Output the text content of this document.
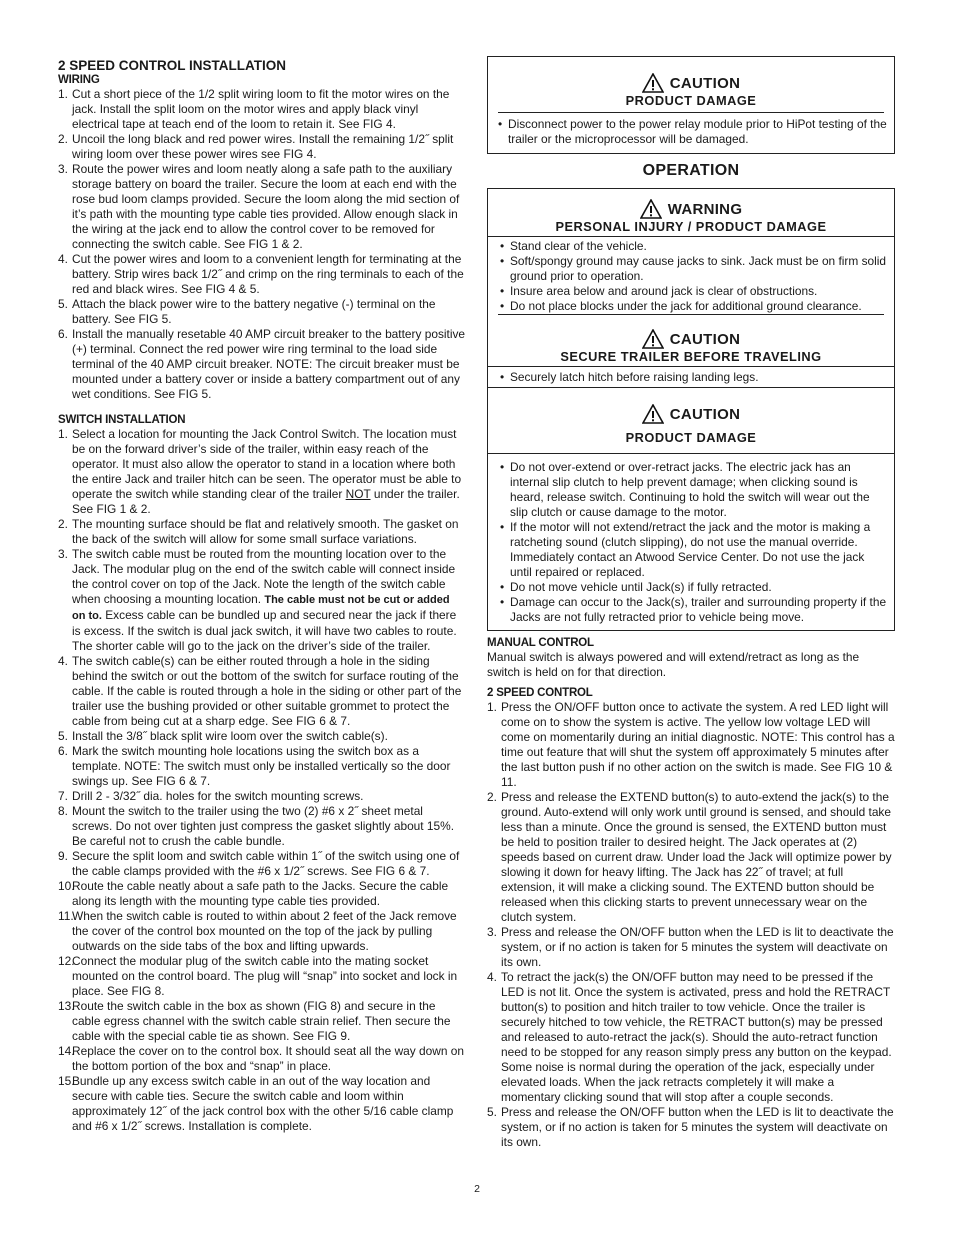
2 SPEED CONTROL INSTALLATION
WIRING
1. Cut a short piece of the 1/2 split wiring loom to fit the motor wires on the jack. Install the split loom on the motor wires and apply black vinyl electrical tape at teach end of the loom to retain it. See FIG 4.
2. Uncoil the long black and red power wires. Install the remaining 1/2˝ split wiring loom over these power wires see FIG 4.
3. Route the power wires and loom neatly along a safe path to the auxiliary storage battery on board the trailer. Secure the loom at each end with the rose bud loom clamps provided. Secure the loom along the mid section of it’s path with the mounting type cable ties provided. Allow enough slack in the wiring at the jack end to allow the control cover to be removed for connecting the switch cable. See FIG 1 & 2.
4. Cut the power wires and loom to a convenient length for terminating at the battery. Strip wires back 1/2˝ and crimp on the ring terminals to each of the red and black wires. See FIG 4 & 5.
5. Attach the black power wire to the battery negative (-) terminal on the battery. See FIG 5.
6. Install the manually resetable 40 AMP circuit breaker to the battery positive (+) terminal. Connect the red power wire ring terminal to the load side terminal of the 40 AMP circuit breaker. NOTE: The circuit breaker must be mounted under a battery cover or inside a battery compartment out of any wet conditions. See FIG 5.
SWITCH INSTALLATION
1. Select a location for mounting the Jack Control Switch. The location must be on the forward driver’s side of the trailer, within easy reach of the operator. It must also allow the operator to stand in a location where both the entire Jack and trailer hitch can be seen. The operator must be able to operate the switch while standing clear of the trailer NOT under the trailer. See FIG 1 & 2.
2. The mounting surface should be flat and relatively smooth. The gasket on the back of the switch will allow for some small surface variations.
3. The switch cable must be routed from the mounting location over to the Jack. The modular plug on the end of the switch cable will connect inside the control cover on top of the Jack. Note the length of the switch cable when choosing a mounting location. The cable must not be cut or added on to. Excess cable can be bundled up and secured near the jack if there is excess. If the switch is dual jack switch, it will have two cables to route. The shorter cable will go to the jack on the driver’s side of the trailer.
4. The switch cable(s) can be either routed through a hole in the siding behind the switch or out the bottom of the switch for surface routing of the cable. If the cable is routed through a hole in the siding or other part of the trailer use the bushing provided or other suitable grommet to protect the cable from being cut at a sharp edge. See FIG 6 & 7.
5. Install the 3/8˝ black split wire loom over the switch cable(s).
6. Mark the switch mounting hole locations using the switch box as a template. NOTE: The switch must only be installed vertically so the door swings up. See FIG 6 & 7.
7. Drill 2 - 3/32˝ dia. holes for the switch mounting screws.
8. Mount the switch to the trailer using the two (2) #6 x 2˝ sheet metal screws. Do not over tighten just compress the gasket slightly about 15%. Be careful not to crush the cable bundle.
9. Secure the split loom and switch cable within 1˝ of the switch using one of the cable clamps provided with the #6 x 1/2˝ screws. See FIG 6 & 7.
10.
Route the cable neatly about a safe path to the Jacks. Secure the cable along its length with the mounting type cable ties provided.
11.
When the switch cable is routed to within about 2 feet of the Jack remove the cover of the control box mounted on the top of the jack by pulling outwards on the side tabs of the box and lifting upwards.
12.
Connect the modular plug of the switch cable into the mating socket mounted on the control board. The plug will “snap” into socket and lock in place. See FIG 8.
13.
Route the switch cable in the box as shown (FIG 8) and secure in the cable egress channel with the switch cable strain relief. Then secure the cable with the special cable tie as shown. See FIG 9.
14.
Replace the cover on to the control box. It should seat all the way down on the bottom portion of the box and “snap” in place.
15.
Bundle up any excess switch cable in an out of the way location and secure with cable ties. Secure the switch cable and loom within approximately 12˝ of the jack control box with the other 5/16 cable clamp and #6 x 1/2˝ screws. Installation is complete.
CAUTION
PRODUCT DAMAGE
• Disconnect power to the power relay module prior to HiPot testing of the trailer or the microprocessor will be damaged.
OPERATION
WARNING
PERSONAL INJURY / PRODUCT DAMAGE
• Stand clear of the vehicle.
• Soft/spongy ground may cause jacks to sink. Jack must be on firm solid ground prior to operation.
• Insure area below and around jack is clear of obstructions.
• Do not place blocks under the jack for additional ground clearance.
CAUTION
SECURE TRAILER BEFORE TRAVELING
• Securely latch hitch before raising landing legs.
CAUTION
PRODUCT DAMAGE
• Do not over-extend or over-retract jacks. The electric jack has an internal slip clutch to help prevent damage; when clicking sound is heard, release switch. Continuing to hold the switch will wear out the slip clutch or cause damage to the motor.
• If the motor will not extend/retract the jack and the motor is making a ratcheting sound (clutch slipping), do not use the manual override. Immediately contact an Atwood Service Center. Do not use the jack until repaired or replaced.
• Do not move vehicle until Jack(s) if fully retracted.
• Damage can occur to the Jack(s), trailer and surrounding property if the Jacks are not fully retracted prior to vehicle being move.
MANUAL CONTROL

Manual switch is always powered and will extend/retract as long as the switch is held on for that direction.

2 SPEED CONTROL
1. Press the ON/OFF button once to activate the system. A red LED light will come on to show the system is active. The yellow low voltage LED will come on momentarily during an initial diagnostic. NOTE: This control has a time out feature that will shut the system off approximately 5 minutes after the last button push if no other action on the switch is made. See FIG 10 & 11.
2. Press and release the EXTEND button(s) to auto-extend the jack(s) to the ground. Auto-extend will only work until ground is sensed, and should take less than a minute. Once the ground is sensed, the EXTEND button must be held to position trailer to desired height. The Jack operates at (2) speeds based on current draw. Under load the Jack will optimize power by slowing it down for heavy lifting. The Jack has 22˝ of travel; at full extension, it will make a clicking sound. The EXTEND button should be released when this clicking starts to prevent unnecessary wear on the clutch system.
3. Press and release the ON/OFF button when the LED is lit to deactivate the system, or if no action is taken for 5 minutes the system will deactivate on its own.
4. To retract the jack(s) the ON/OFF button may need to be pressed if the LED is not lit. Once the system is activated, press and hold the RETRACT button(s) to position and hitch trailer to tow vehicle. Once the trailer is securely hitched to tow vehicle, the RETRACT button(s) may be pressed and released to auto-retract the jack(s). Should the auto-retract function need to be stopped for any reason simply press any button on the keypad. Some noise is normal during the operation of the jack, especially under elevated loads. When the jack retracts completely it will make a momentary clicking sound that will stop after a couple seconds.
5. Press and release the ON/OFF button when the LED is lit to deactivate the system, or if no action is taken for 5 minutes the system will deactivate on its own.
2
